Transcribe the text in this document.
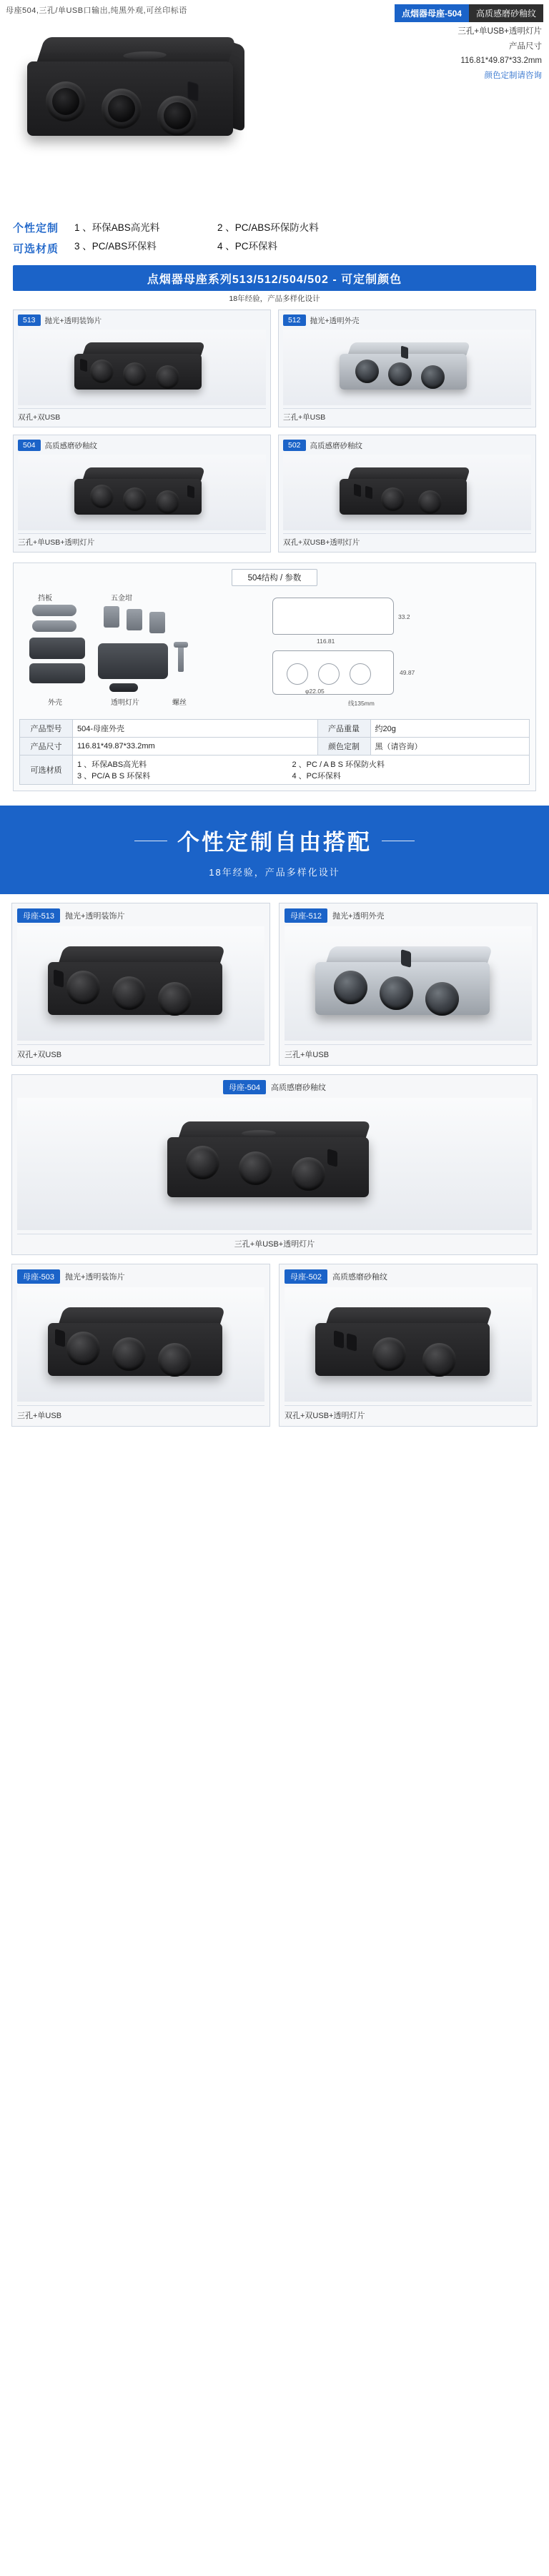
母座504,三孔/单USB口输出,纯黑外观,可丝印标语	点烟器母座-504	高质感磨砂釉纹
三孔+单USB+透明灯片
产品尺寸
116.81*49.87*33.2mm
颜色定制请咨询
个性定制
可选材质
1 、环保ABS高光料	2 、PC/ABS环保防火料
3 、PC/ABS环保料	4 、PC环保料
点烟器母座系列513/512/504/502 - 可定制颜色
18年经验，产品多样化设计
513	抛光+透明装饰片
双孔+双USB
512	抛光+透明外壳
三孔+单USB
504	高质感磨砂釉纹
三孔+单USB+透明灯片
502	高质感磨砂釉纹
双孔+双USB+透明灯片
504结构 / 参数
挡板	五金坩
外壳	透明灯片	螺丝
33.2
116.81
φ22.05
线135mm
49.87
产品型号	504-母座外壳	产品重量	约20g
产品尺寸	116.81*49.87*33.2mm	颜色定制	黑（请咨询）
可选材质	1 、环保ABS高光料 2 、PC / A B S 环保防火料 3 、PC/A B S 环保料 4 、PC环保料		
个性定制自由搭配
18年经验，产品多样化设计
母座-513	抛光+透明装饰片
双孔+双USB
母座-512	抛光+透明外壳
三孔+单USB
母座-504	高质感磨砂釉纹
三孔+单USB+透明灯片
母座-503	抛光+透明装饰片
三孔+单USB
母座-502	高质感磨砂釉纹
双孔+双USB+透明灯片
